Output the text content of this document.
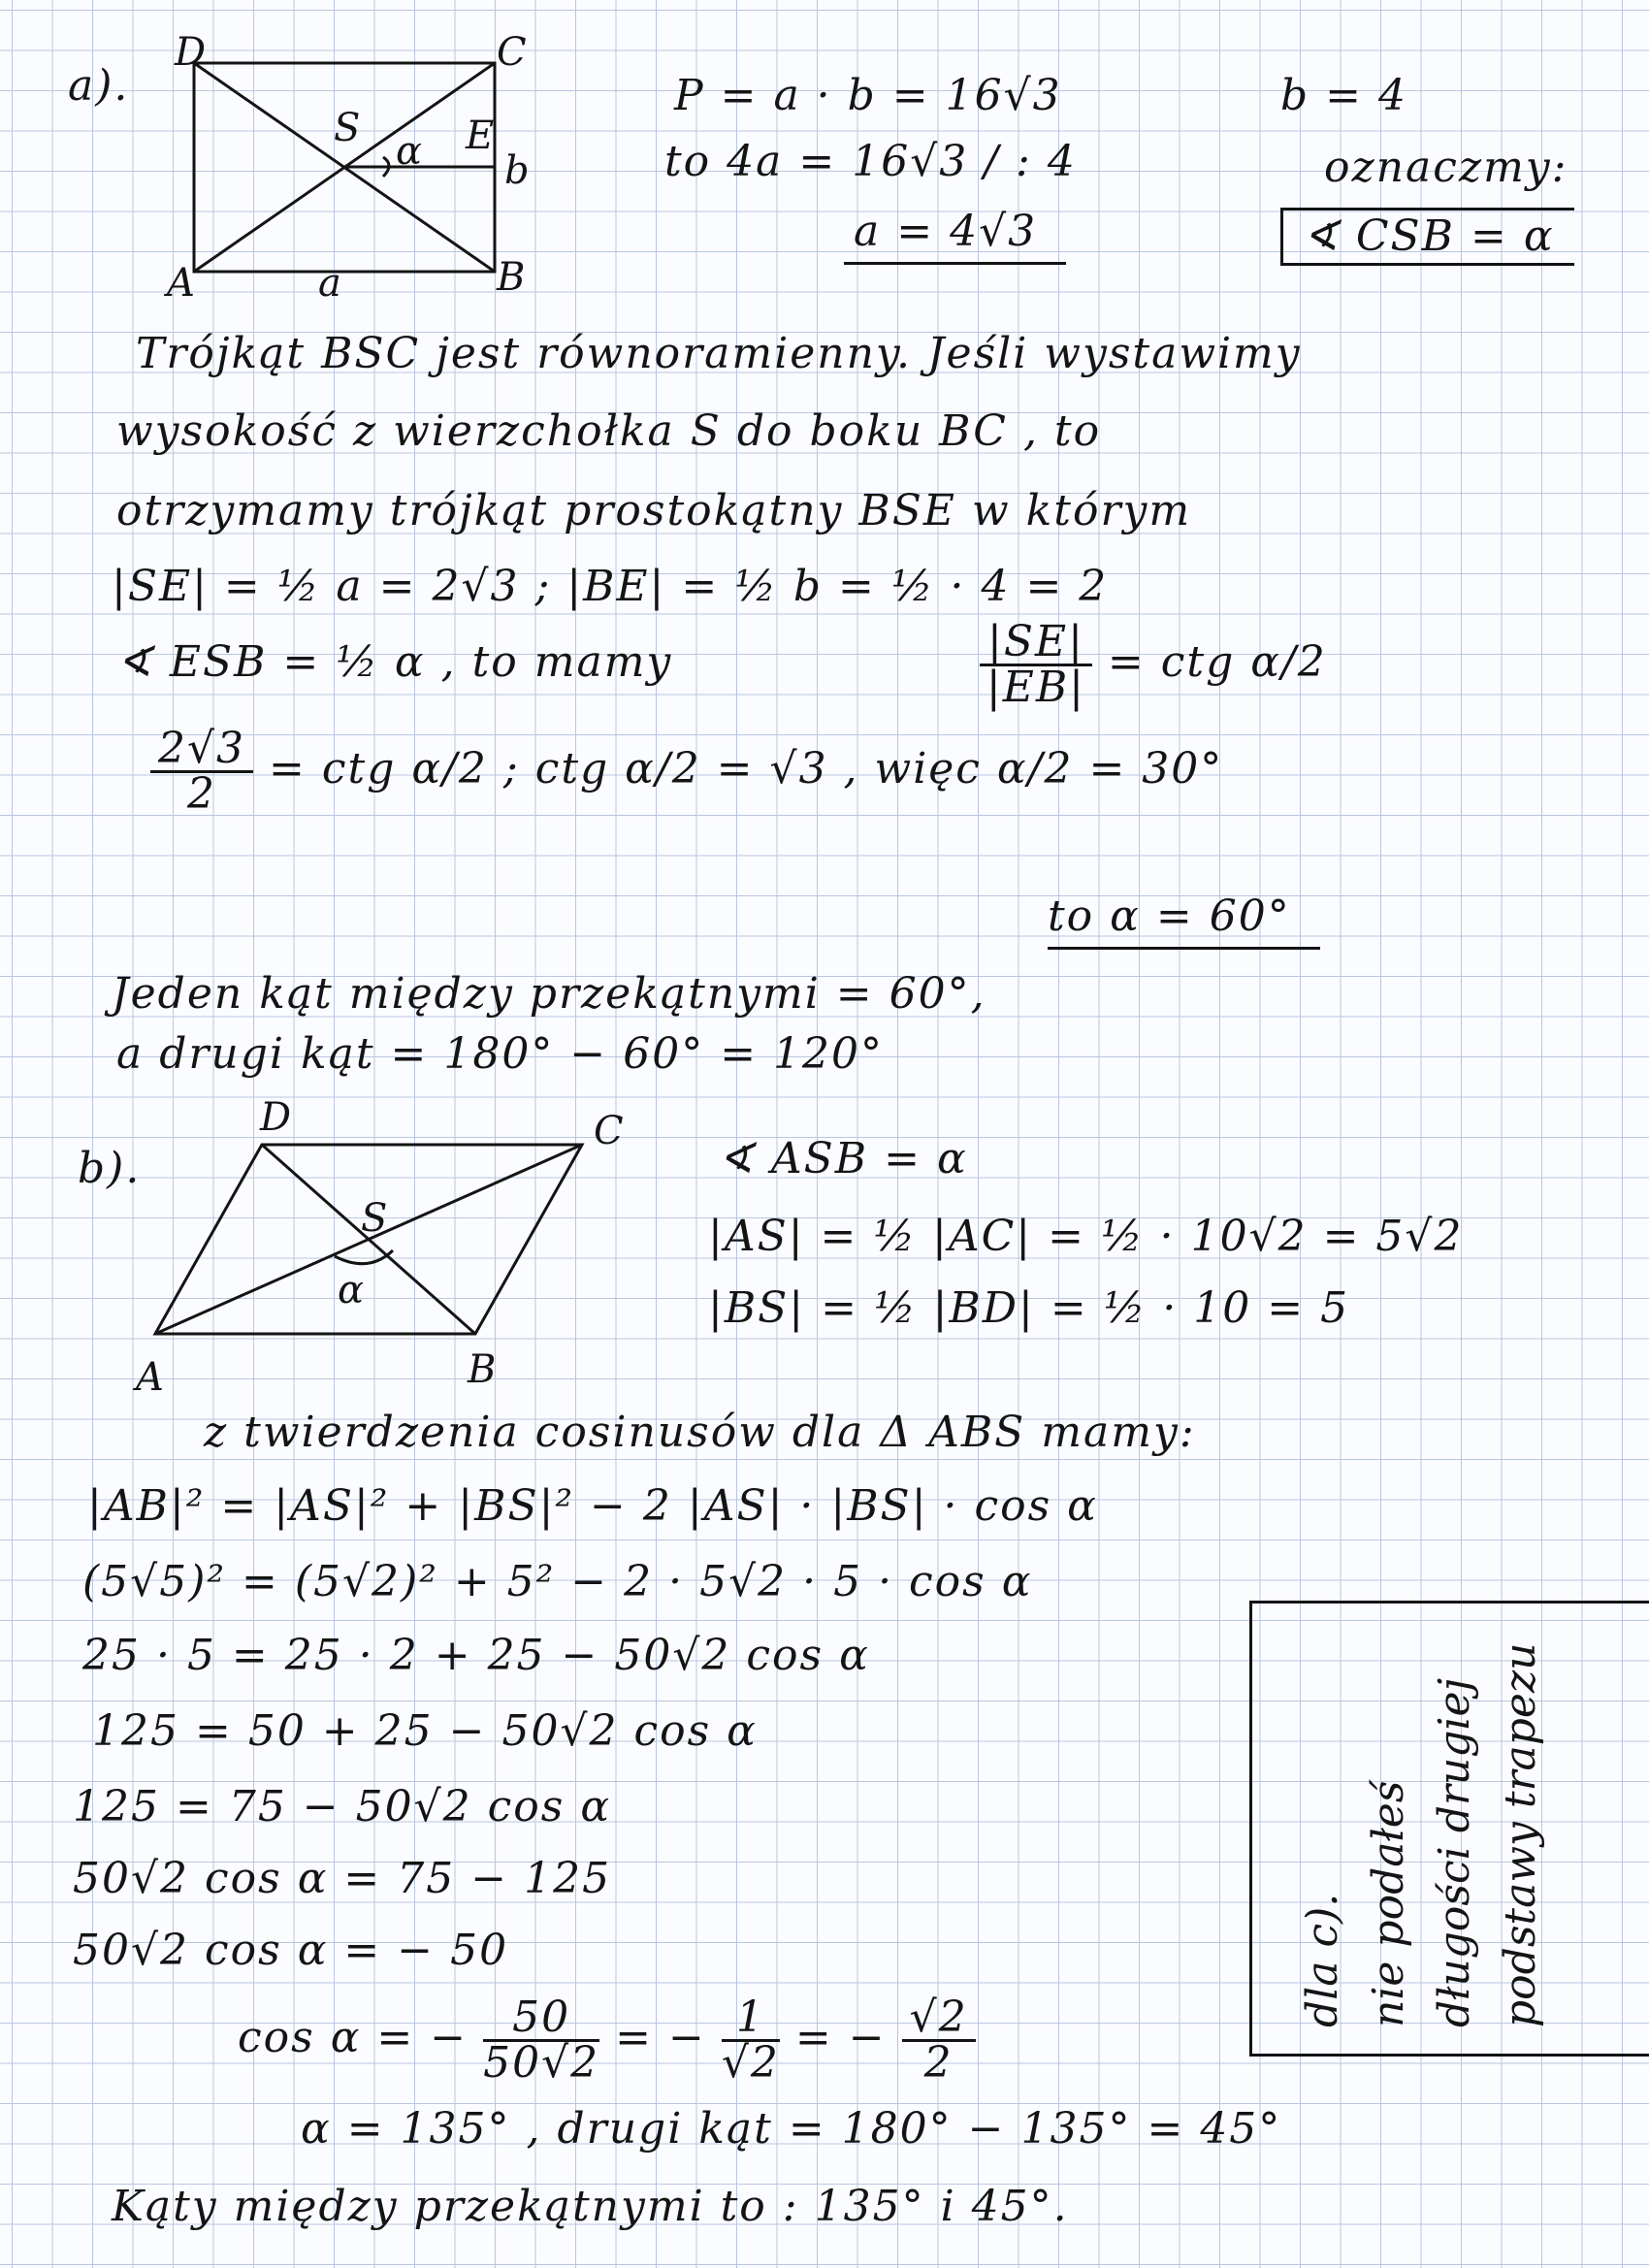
a).
D	C
A	B
S
α E
b
a
P = a · b = 16√3	b = 4
to 4a = 16√3 / : 4
a = 4√3
oznaczmy:
∢ CSB = α
Trójkąt BSC jest równoramienny. Jeśli wystawimy
wysokość z wierzchołka S do boku BC , to
otrzymamy trójkąt prostokątny BSE w którym
|SE| = ½ a = 2√3 ; |BE| = ½ b = ½ · 4 = 2
∢ ESB = ½ α , to mamy	$\frac{|SE|}{|EB|}$ = ctg α/2
$\frac{2√3}{2}$ = ctg α/2 ; ctg α/2 = √3 , więc α/2 = 30°
to α = 60°
Jeden kąt między przekątnymi = 60°,
a drugi kąt = 180° − 60° = 120°
b).
D	C
A	B
S
α
∢ ASB = α
|AS| = ½ |AC| = ½ · 10√2 = 5√2
|BS| = ½ |BD| = ½ · 10 = 5
z twierdzenia cosinusów dla Δ ABS mamy:
|AB|² = |AS|² + |BS|² − 2 |AS| · |BS| · cos α
(5√5)² = (5√2)² + 5² − 2 · 5√2 · 5 · cos α
25 · 5 = 25 · 2 + 25 − 50√2 cos α
125 = 50 + 25 − 50√2 cos α
125 = 75 − 50√2 cos α
50√2 cos α = 75 − 125
50√2 cos α = − 50
cos α = − $\frac{50}{50√2}$ = − $\frac{1}{√2}$ = − $\frac{√2}{2}$
α = 135° , drugi kąt = 180° − 135° = 45°
Kąty między przekątnymi to : 135° i 45°.
dla c). nie podałeś długości drugiej podstawy trapezu
